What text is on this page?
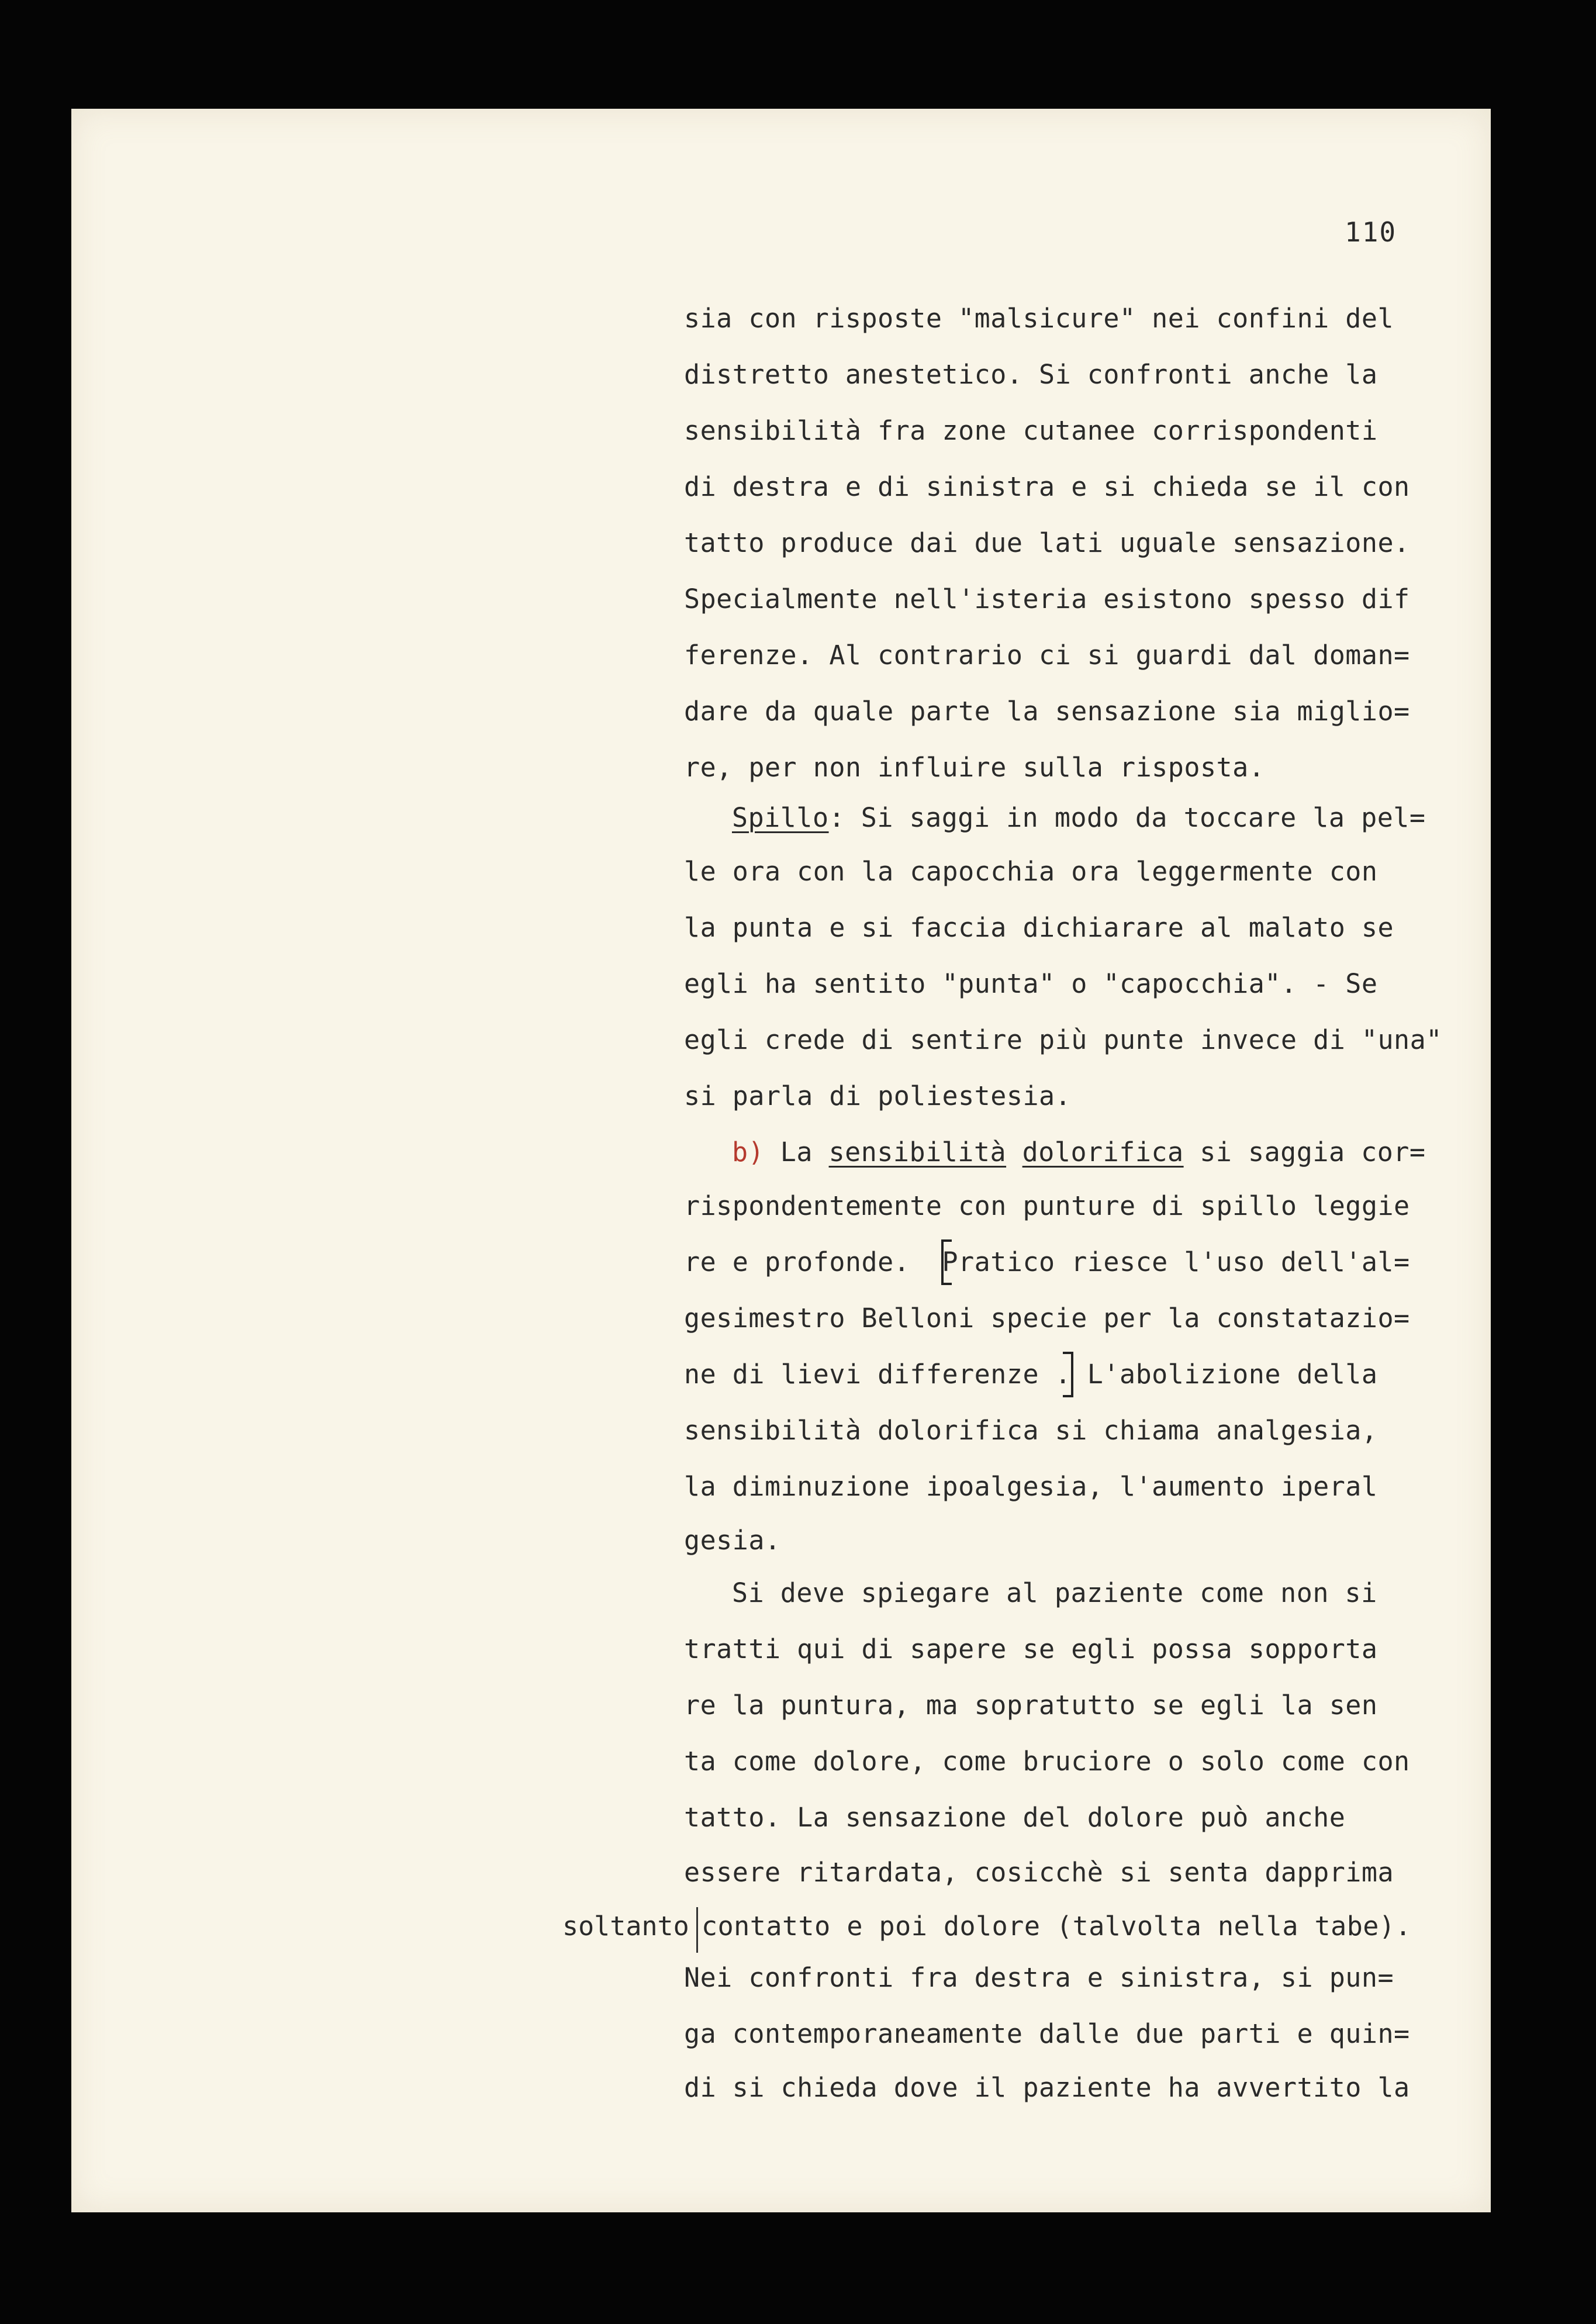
110
sia con risposte "malsicure" nei confini del
distretto anestetico. Si confronti anche la
sensibilità fra zone cutanee corrispondenti
di destra e di sinistra e si chieda se il con
tatto produce dai due lati uguale sensazione.
Specialmente nell'isteria esistono spesso dif
ferenze. Al contrario ci si guardi dal doman=
dare da quale parte la sensazione sia miglio=
re, per non influire sulla risposta.
Spillo: Si saggi in modo da toccare la pel=
le ora con la capocchia ora leggermente con
la punta e si faccia dichiarare al malato se
egli ha sentito "punta" o "capocchia". - Se
egli crede di sentire più punte invece di "una"
si parla di poliestesia.
b) La sensibilità dolorifica si saggia cor=
rispondentemente con punture di spillo leggie
re e profonde.  Pratico riesce l'uso dell'al=
gesimestro Belloni specie per la constatazio=
ne di lievi differenze . L'abolizione della
sensibilità dolorifica si chiama analgesia,
la diminuzione ipoalgesia, l'aumento iperal
gesia.
Si deve spiegare al paziente come non si
tratti qui di sapere se egli possa sopporta
re la puntura, ma sopratutto se egli la sen
ta come dolore, come bruciore o solo come con
tatto. La sensazione del dolore può anche
essere ritardata, cosicchè si senta dapprima
contatto e poi dolore (talvolta nella tabe).
Nei confronti fra destra e sinistra, si pun=
ga contemporaneamente dalle due parti e quin=
di si chieda dove il paziente ha avvertito la
soltanto
